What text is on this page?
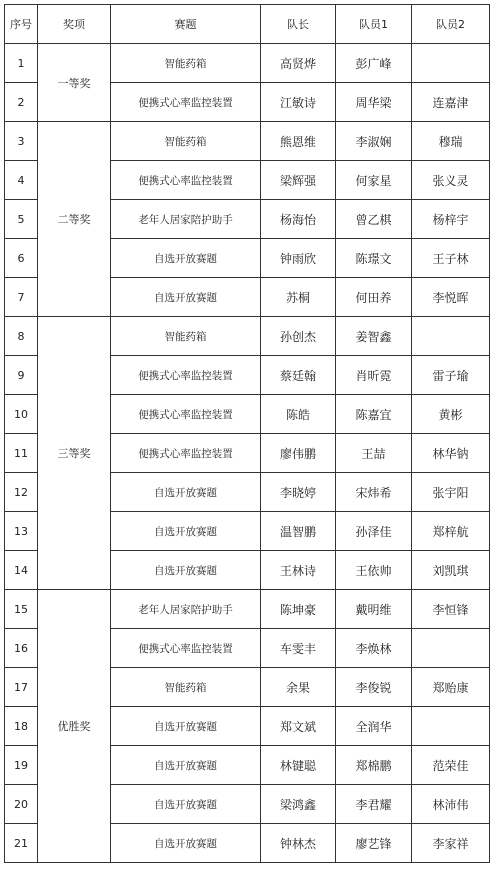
序号	奖项	赛题	队长	队员1	队员2
1	一等奖	智能药箱	高贤烨	彭广峰	
2		便携式心率监控装置	江敏诗	周华梁	连嘉津
3	二等奖	智能药箱	熊恩维	李淑娴	穆瑞
4		便携式心率监控装置	梁辉强	何家星	张义灵
5		老年人居家陪护助手	杨海怡	曾乙棋	杨梓宇
6		自选开放赛题	钟雨欣	陈璟文	王子林
7		自选开放赛题	苏桐	何田养	李悦晖
8	三等奖	智能药箱	孙创杰	姜智鑫	
9		便携式心率监控装置	蔡廷翰	肖昕霓	雷子瑜
10		便携式心率监控装置	陈皓	陈嘉宜	黄彬
11		便携式心率监控装置	廖伟鹏	王喆	林华钠
12		自选开放赛题	李晓婷	宋炜希	张宇阳
13		自选开放赛题	温智鹏	孙泽佳	郑梓航
14		自选开放赛题	王林诗	王依帅	刘凯琪
15	优胜奖	老年人居家陪护助手	陈坤豪	戴明维	李恒锋
16		便携式心率监控装置	车雯丰	李焕林	
17		智能药箱	余果	李俊锐	郑贻康
18		自选开放赛题	郑文斌	全润华	
19		自选开放赛题	林键聪	郑棉鹏	范荣佳
20		自选开放赛题	梁鸿鑫	李君耀	林沛伟
21		自选开放赛题	钟林杰	廖艺锋	李家祥
